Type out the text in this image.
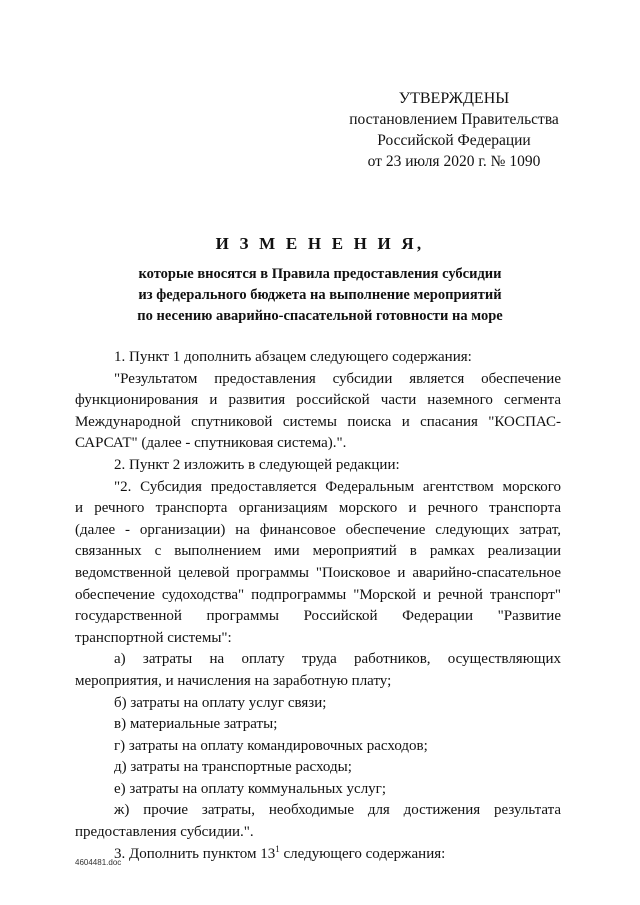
УТВЕРЖДЕНЫ
постановлением Правительства
Российской Федерации
от 23 июля 2020 г. № 1090
И З М Е Н Е Н И Я,
которые вносятся в Правила предоставления субсидии
из федерального бюджета на выполнение мероприятий
по несению аварийно-спасательной готовности на море
1. Пункт 1 дополнить абзацем следующего содержания:
"Результатом предоставления субсидии является обеспечение
функционирования и развития российской части наземного сегмента
Международной спутниковой системы поиска и спасания "КОСПАС-
САРСАТ" (далее - спутниковая система).".
2. Пункт 2 изложить в следующей редакции:
"2. Субсидия предоставляется Федеральным агентством морского
и речного транспорта организациям морского и речного транспорта
(далее - организации) на финансовое обеспечение следующих затрат,
связанных с выполнением ими мероприятий в рамках реализации
ведомственной целевой программы "Поисковое и аварийно-спасательное
обеспечение судоходства" подпрограммы "Морской и речной транспорт"
государственной программы Российской Федерации "Развитие
транспортной системы":
а) затраты на оплату труда работников, осуществляющих
мероприятия, и начисления на заработную плату;
б) затраты на оплату услуг связи;
в) материальные затраты;
г) затраты на оплату командировочных расходов;
д) затраты на транспортные расходы;
е) затраты на оплату коммунальных услуг;
ж) прочие затраты, необходимые для достижения результата
предоставления субсидии.".
3. Дополнить пунктом $13^1$ следующего содержания:
4604481.doc
